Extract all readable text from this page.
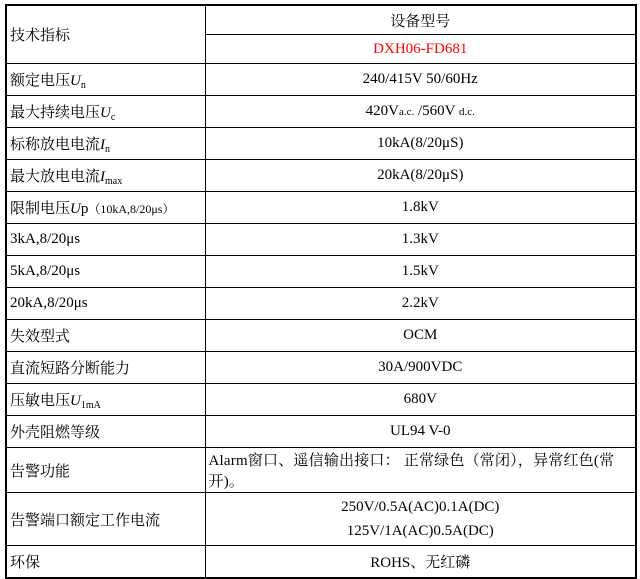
技术指标	设备型号
	DXH06-FD681
额定电压$U_n$	240/415V 50/60Hz
最大持续电压$U_c$	420Va.c. /560V d.c.
标称放电电流$I_n$	10kA(8/20μS)
最大放电电流$I_{max}$	20kA(8/20μS)
限制电压Up（10kA,8/20μs）	1.8kV
3kA,8/20μs	1.3kV
5kA,8/20μs	1.5kV
20kA,8/20μs	2.2kV
失效型式	OCM
直流短路分断能力	30A/900VDC
压敏电压$U_{1mA}$	680V
外壳阻燃等级	UL94 V-0
告警功能	Alarm窗口、遥信输出接口： 正常绿色（常闭），异常红色(常开)。
告警端口额定工作电流	250V/0.5A(AC)0.1A(DC)
125V/1A(AC)0.5A(DC)

环保	ROHS、无红磷
